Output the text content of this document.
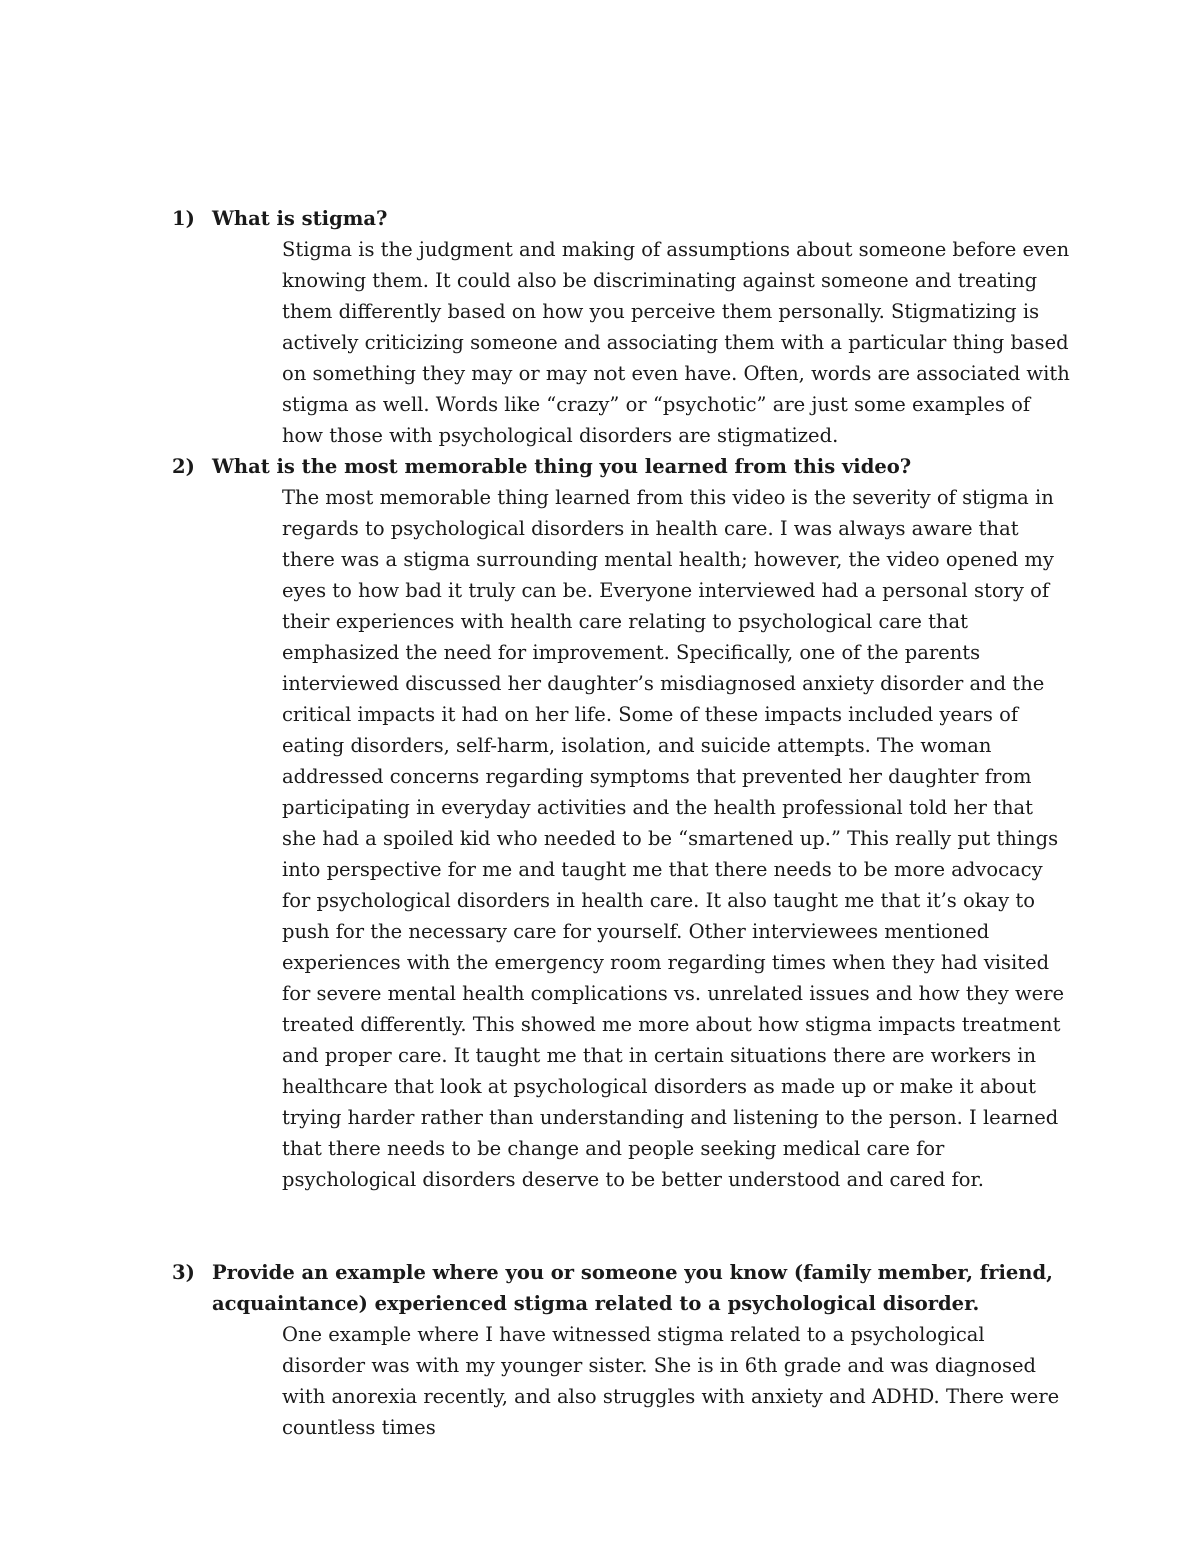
1) What is stigma?
Stigma is the judgment and making of assumptions about someone before even knowing them. It could also be discriminating against someone and treating them differently based on how you perceive them personally. Stigmatizing is actively criticizing someone and associating them with a particular thing based on something they may or may not even have. Often, words are associated with stigma as well. Words like “crazy” or “psychotic” are just some examples of how those with psychological disorders are stigmatized.
2) What is the most memorable thing you learned from this video?
The most memorable thing learned from this video is the severity of stigma in regards to psychological disorders in health care. I was always aware that there was a stigma surrounding mental health; however, the video opened my eyes to how bad it truly can be. Everyone interviewed had a personal story of their experiences with health care relating to psychological care that emphasized the need for improvement. Specifically, one of the parents interviewed discussed her daughter’s misdiagnosed anxiety disorder and the critical impacts it had on her life. Some of these impacts included years of eating disorders, self-harm, isolation, and suicide attempts. The woman addressed concerns regarding symptoms that prevented her daughter from participating in everyday activities and the health professional told her that she had a spoiled kid who needed to be “smartened up.” This really put things into perspective for me and taught me that there needs to be more advocacy for psychological disorders in health care. It also taught me that it’s okay to push for the necessary care for yourself. Other interviewees mentioned experiences with the emergency room regarding times when they had visited for severe mental health complications vs. unrelated issues and how they were treated differently. This showed me more about how stigma impacts treatment and proper care. It taught me that in certain situations there are workers in healthcare that look at psychological disorders as made up or make it about trying harder rather than understanding and listening to the person. I learned that there needs to be change and people seeking medical care for psychological disorders deserve to be better understood and cared for.
3) Provide an example where you or someone you know (family member, friend, acquaintance) experienced stigma related to a psychological disorder.
One example where I have witnessed stigma related to a psychological disorder was with my younger sister. She is in 6th grade and was diagnosed with anorexia recently, and also struggles with anxiety and ADHD. There were countless times
